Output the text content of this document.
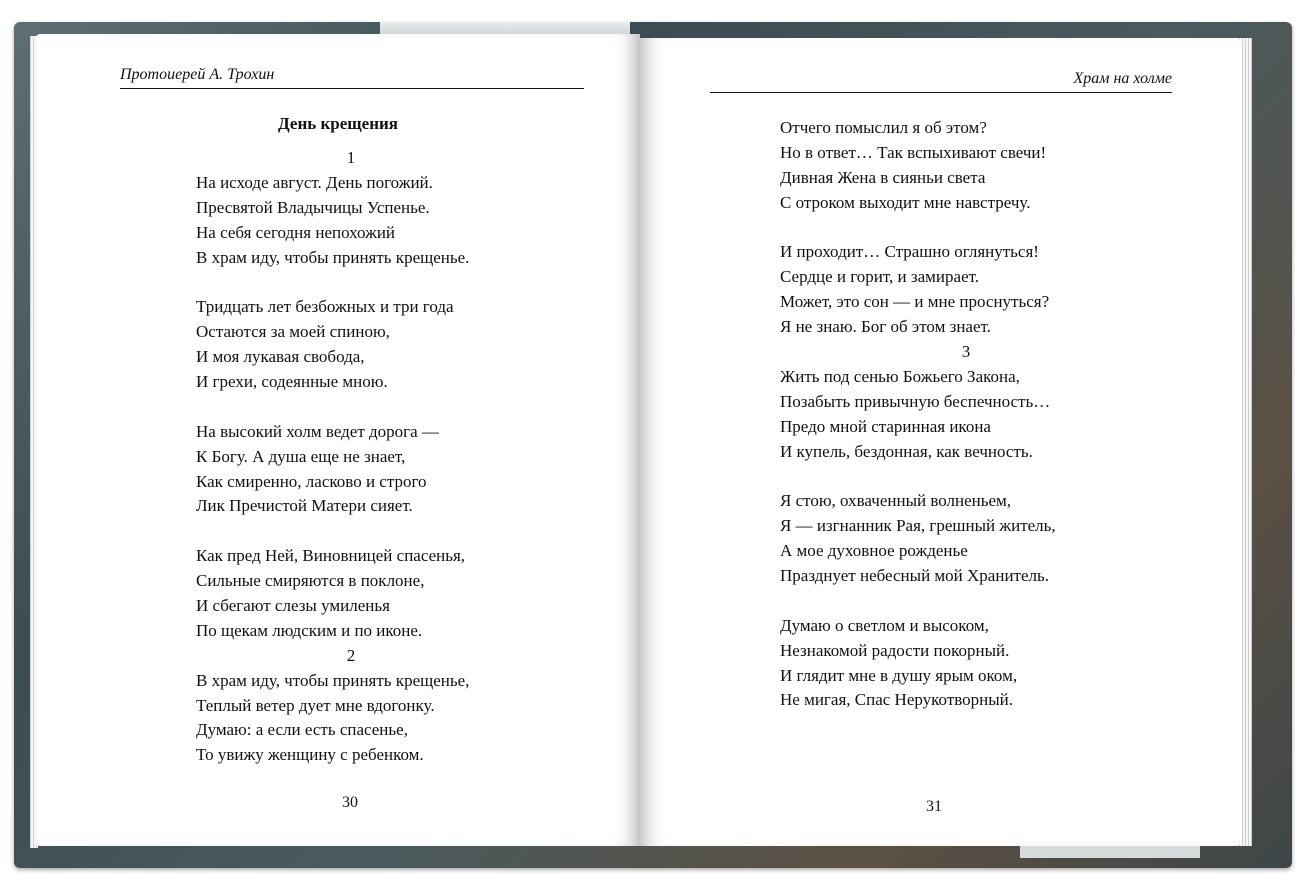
Протоиерей А. Трохин
День крещения
1
На исходе август. День погожий.
Пресвятой Владычицы Успенье.
На себя сегодня непохожий
В храм иду, чтобы принять крещенье.
Тридцать лет безбожных и три года
Остаются за моей спиною,
И моя лукавая свобода,
И грехи, содеянные мною.
На высокий холм ведет дорога —
К Богу. А душа еще не знает,
Как смиренно, ласково и строго
Лик Пречистой Матери сияет.
Как пред Ней, Виновницей спасенья,
Сильные смиряются в поклоне,
И сбегают слезы умиленья
По щекам людским и по иконе.
2
В храм иду, чтобы принять крещенье,
Теплый ветер дует мне вдогонку.
Думаю: а если есть спасенье,
То увижу женщину с ребенком.
30
Храм на холме
Отчего помыслил я об этом?
Но в ответ… Так вспыхивают свечи!
Дивная Жена в сияньи света
С отроком выходит мне навстречу.
И проходит… Страшно оглянуться!
Сердце и горит, и замирает.
Может, это сон — и мне проснуться?
Я не знаю. Бог об этом знает.
3
Жить под сенью Божьего Закона,
Позабыть привычную беспечность…
Предо мной старинная икона
И купель, бездонная, как вечность.
Я стою, охваченный волненьем,
Я — изгнанник Рая, грешный житель,
А мое духовное рожденье
Празднует небесный мой Хранитель.
Думаю о светлом и высоком,
Незнакомой радости покорный.
И глядит мне в душу ярым оком,
Не мигая, Спас Нерукотворный.
31
